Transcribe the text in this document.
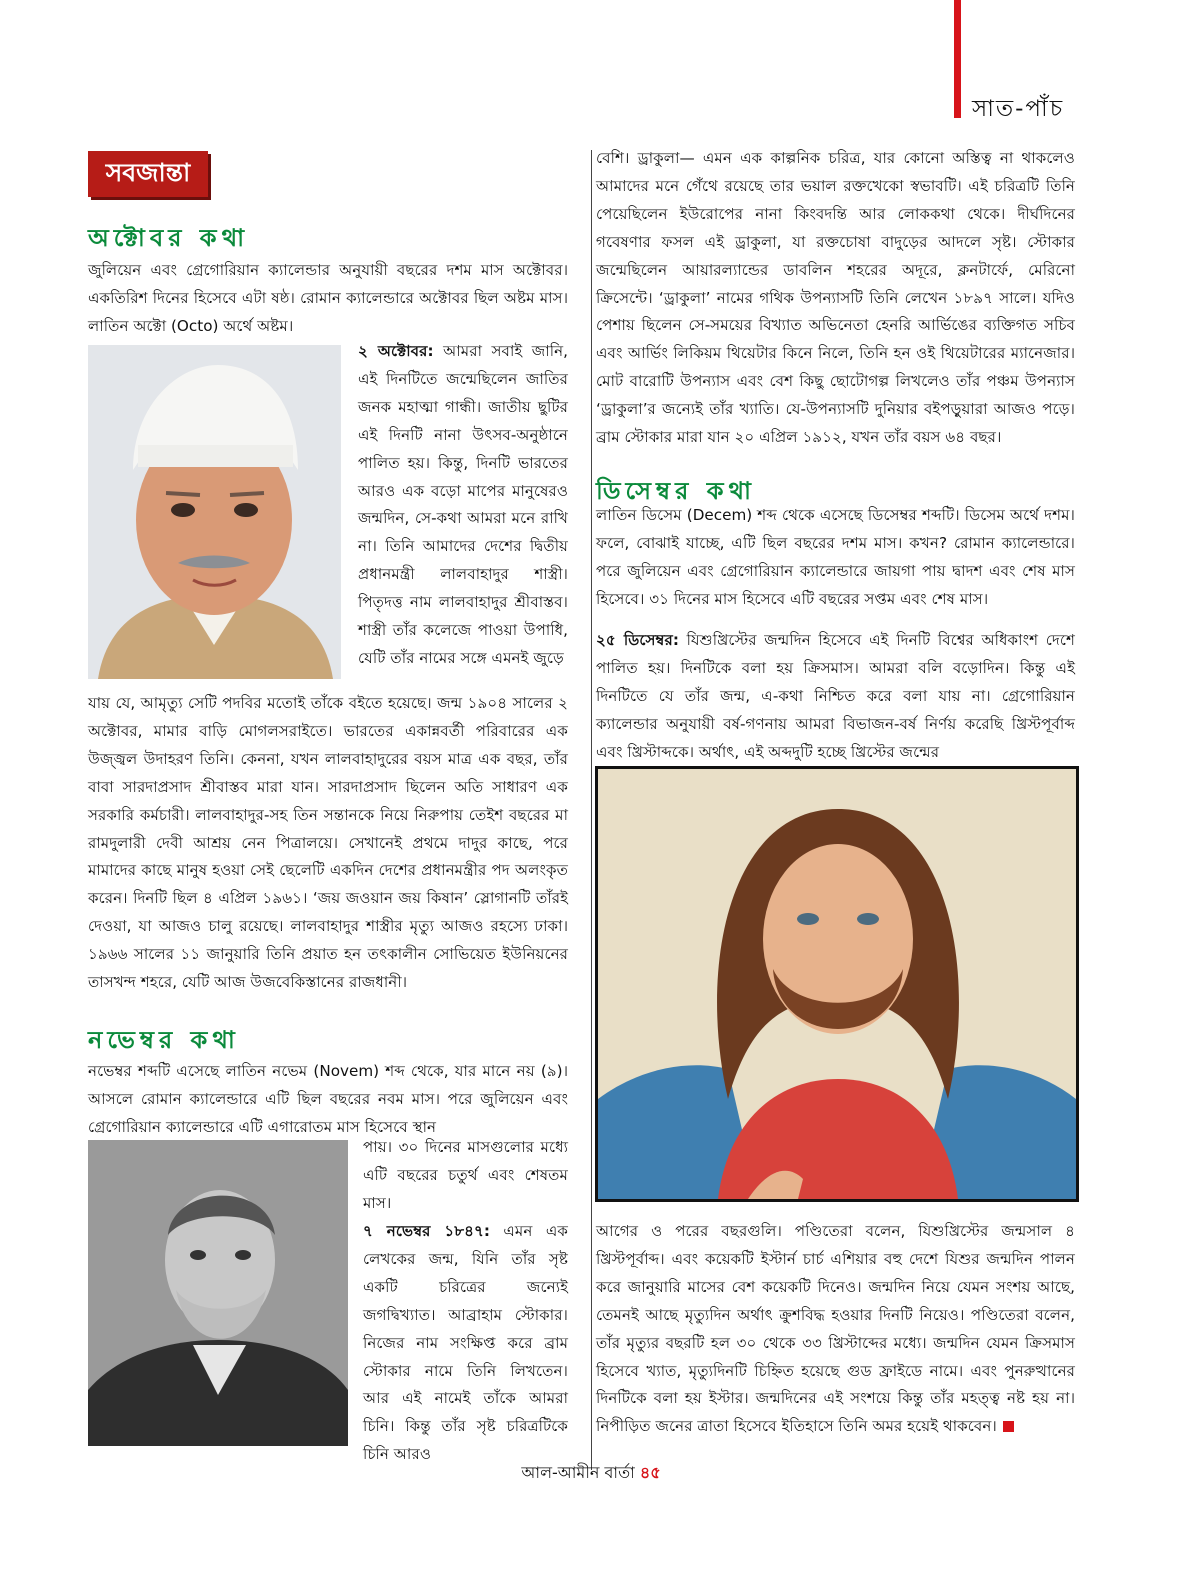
সাত-পাঁচ
সবজান্তা
অক্টোবর কথা
জুলিয়েন এবং গ্রেগোরিয়ান ক্যালেন্ডার অনুযায়ী বছরের দশম মাস অক্টোবর। একতিরিশ দিনের হিসেবে এটা ষষ্ঠ। রোমান ক্যালেন্ডারে অক্টোবর ছিল অষ্টম মাস। লাতিন অক্টো (Octo) অর্থে অষ্টম।
২ অক্টোবর: আমরা সবাই জানি, এই দিনটিতে জন্মেছিলেন জাতির জনক মহাত্মা গান্ধী। জাতীয় ছুটির এই দিনটি নানা উৎসব-অনুষ্ঠানে পালিত হয়। কিন্তু, দিনটি ভারতের আরও এক বড়ো মাপের মানুষেরও জন্মদিন, সে-কথা আমরা মনে রাখি না। তিনি আমাদের দেশের দ্বিতীয় প্রধানমন্ত্রী লালবাহাদুর শাস্ত্রী। পিতৃদত্ত নাম লালবাহাদুর শ্রীবাস্তব। শাস্ত্রী তাঁর কলেজে পাওয়া উপাধি, যেটি তাঁর নামের সঙ্গে এমনই জুড়ে
যায় যে, আমৃত্যু সেটি পদবির মতোই তাঁকে বইতে হয়েছে। জন্ম ১৯০৪ সালের ২ অক্টোবর, মামার বাড়ি মোগলসরাইতে। ভারতের একান্নবর্তী পরিবারের এক উজ্জ্বল উদাহরণ তিনি। কেননা, যখন লালবাহাদুরের বয়স মাত্র এক বছর, তাঁর বাবা সারদাপ্রসাদ শ্রীবাস্তব মারা যান। সারদাপ্রসাদ ছিলেন অতি সাধারণ এক সরকারি কর্মচারী। লালবাহাদুর-সহ তিন সন্তানকে নিয়ে নিরুপায় তেইশ বছরের মা রামদুলারী দেবী আশ্রয় নেন পিত্রালয়ে। সেখানেই প্রথমে দাদুর কাছে, পরে মামাদের কাছে মানুষ হওয়া সেই ছেলেটি একদিন দেশের প্রধানমন্ত্রীর পদ অলংকৃত করেন। দিনটি ছিল ৪ এপ্রিল ১৯৬১। ‘জয় জওয়ান জয় কিষান’ স্লোগানটি তাঁরই দেওয়া, যা আজও চালু রয়েছে। লালবাহাদুর শাস্ত্রীর মৃত্যু আজও রহস্যে ঢাকা। ১৯৬৬ সালের ১১ জানুয়ারি তিনি প্রয়াত হন তৎকালীন সোভিয়েত ইউনিয়নের তাসখন্দ শহরে, যেটি আজ উজবেকিস্তানের রাজধানী।
নভেম্বর কথা
নভেম্বর শব্দটি এসেছে লাতিন নভেম (Novem) শব্দ থেকে, যার মানে নয় (৯)। আসলে রোমান ক্যালেন্ডারে এটি ছিল বছরের নবম মাস। পরে জুলিয়েন এবং গ্রেগোরিয়ান ক্যালেন্ডারে এটি এগারোতম মাস হিসেবে স্থান
পায়। ৩০ দিনের মাসগুলোর মধ্যে এটি বছরের চতুর্থ এবং শেষতম মাস।
৭ নভেম্বর ১৮৪৭: এমন এক লেখকের জন্ম, যিনি তাঁর সৃষ্ট একটি চরিত্রের জন্যেই জগদ্বিখ্যাত। আব্রাহাম স্টোকার। নিজের নাম সংক্ষিপ্ত করে ব্রাম স্টোকার নামে তিনি লিখতেন। আর এই নামেই তাঁকে আমরা চিনি। কিন্তু তাঁর সৃষ্ট চরিত্রটিকে চিনি আরও
বেশি। ড্রাকুলা— এমন এক কাল্পনিক চরিত্র, যার কোনো অস্তিত্ব না থাকলেও আমাদের মনে গেঁথে রয়েছে তার ভয়াল রক্তখেকো স্বভাবটি। এই চরিত্রটি তিনি পেয়েছিলেন ইউরোপের নানা কিংবদন্তি আর লোককথা থেকে। দীর্ঘদিনের গবেষণার ফসল এই ড্রাকুলা, যা রক্তচোষা বাদুড়ের আদলে সৃষ্ট। স্টোকার জন্মেছিলেন আয়ারল্যান্ডের ডাবলিন শহরের অদূরে, ক্লনটার্ফে, মেরিনো ক্রিসেন্টে। ‘ড্রাকুলা’ নামের গথিক উপন্যাসটি তিনি লেখেন ১৮৯৭ সালে। যদিও পেশায় ছিলেন সে-সময়ের বিখ্যাত অভিনেতা হেনরি আর্ভিঙের ব্যক্তিগত সচিব এবং আর্ভিং লিকিয়ম থিয়েটার কিনে নিলে, তিনি হন ওই থিয়েটারের ম্যানেজার। মোট বারোটি উপন্যাস এবং বেশ কিছু ছোটোগল্প লিখলেও তাঁর পঞ্চম উপন্যাস ‘ড্রাকুলা’র জন্যেই তাঁর খ্যাতি। যে-উপন্যাসটি দুনিয়ার বইপড়ুয়ারা আজও পড়ে। ব্রাম স্টোকার মারা যান ২০ এপ্রিল ১৯১২, যখন তাঁর বয়স ৬৪ বছর।
ডিসেম্বর কথা
লাতিন ডিসেম (Decem) শব্দ থেকে এসেছে ডিসেম্বর শব্দটি। ডিসেম অর্থে দশম। ফলে, বোঝাই যাচ্ছে, এটি ছিল বছরের দশম মাস। কখন? রোমান ক্যালেন্ডারে। পরে জুলিয়েন এবং গ্রেগোরিয়ান ক্যালেন্ডারে জায়গা পায় দ্বাদশ এবং শেষ মাস হিসেবে। ৩১ দিনের মাস হিসেবে এটি বছরের সপ্তম এবং শেষ মাস।
২৫ ডিসেম্বর: যিশুখ্রিস্টের জন্মদিন হিসেবে এই দিনটি বিশ্বের অধিকাংশ দেশে পালিত হয়। দিনটিকে বলা হয় ক্রিসমাস। আমরা বলি বড়োদিন। কিন্তু এই দিনটিতে যে তাঁর জন্ম, এ-কথা নিশ্চিত করে বলা যায় না। গ্রেগোরিয়ান ক্যালেন্ডার অনুযায়ী বর্ষ-গণনায় আমরা বিভাজন-বর্ষ নির্ণয় করেছি খ্রিস্টপূর্বাব্দ এবং খ্রিস্টাব্দকে। অর্থাৎ, এই অব্দদুটি হচ্ছে খ্রিস্টের জন্মের
আগের ও পরের বছরগুলি। পণ্ডিতেরা বলেন, যিশুখ্রিস্টের জন্মসাল ৪ খ্রিস্টপূর্বাব্দ। এবং কয়েকটি ইস্টার্ন চার্চ এশিয়ার বহু দেশে যিশুর জন্মদিন পালন করে জানুয়ারি মাসের বেশ কয়েকটি দিনেও। জন্মদিন নিয়ে যেমন সংশয় আছে, তেমনই আছে মৃত্যুদিন অর্থাৎ ক্রুশবিদ্ধ হওয়ার দিনটি নিয়েও। পণ্ডিতেরা বলেন, তাঁর মৃত্যুর বছরটি হল ৩০ থেকে ৩৩ খ্রিস্টাব্দের মধ্যে। জন্মদিন যেমন ক্রিসমাস হিসেবে খ্যাত, মৃত্যুদিনটি চিহ্নিত হয়েছে গুড ফ্রাইডে নামে। এবং পুনরুত্থানের দিনটিকে বলা হয় ইস্টার। জন্মদিনের এই সংশয়ে কিন্তু তাঁর মহত্ত্ব নষ্ট হয় না। নিপীড়িত জনের ত্রাতা হিসেবে ইতিহাসে তিনি অমর হয়েই থাকবেন।
আল-আমীন বার্তা ৪৫
